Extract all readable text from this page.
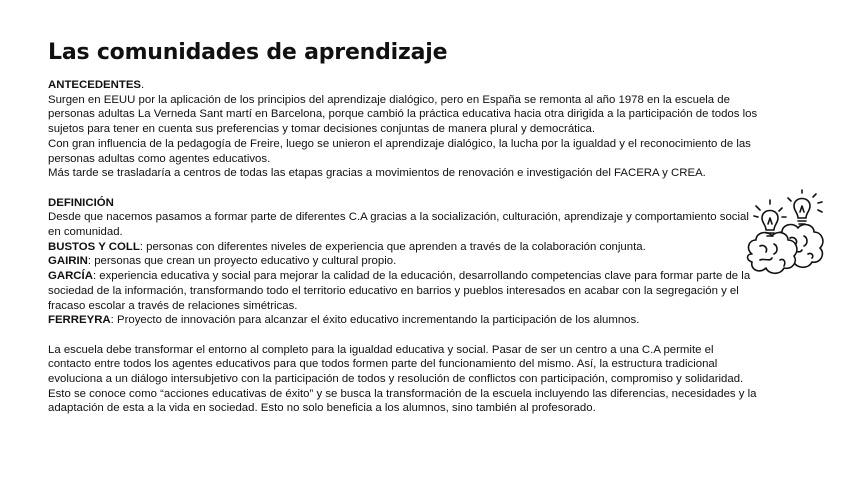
Las comunidades de aprendizaje

ANTECEDENTES.

Surgen en EEUU por la aplicación de los principios del aprendizaje dialógico, pero en España se remonta al año 1978 en la escuela de personas adultas La Verneda Sant martí en Barcelona, porque cambió la práctica educativa hacia otra dirigida a la participación de todos los sujetos para tener en cuenta sus preferencias y tomar decisiones conjuntas de manera plural y democrática.

Con gran influencia de la pedagogía de Freire, luego se unieron el aprendizaje dialógico, la lucha por la igualdad y el reconocimiento de las personas adultas como agentes educativos.

Más tarde se trasladaría a centros de todas las etapas gracias a movimientos de renovación e investigación del FACERA y CREA.

DEFINICIÓN

Desde que nacemos pasamos a formar parte de diferentes C.A gracias a la socialización, culturación, aprendizaje y comportamiento social en comunidad.

BUSTOS Y COLL: personas con diferentes niveles de experiencia que aprenden a través de la colaboración conjunta.

GAIRIN: personas que crean un proyecto educativo y cultural propio.

GARCÍA: experiencia educativa y social para mejorar la calidad de la educación, desarrollando competencias clave para formar parte de la sociedad de la información, transformando todo el territorio educativo en barrios y pueblos interesados en acabar con la segregación y el fracaso escolar a través de relaciones simétricas.

FERREYRA: Proyecto de innovación para alcanzar el éxito educativo incrementando la participación de los alumnos.

La escuela debe transformar el entorno al completo para la igualdad educativa y social. Pasar de ser un centro a una C.A permite el contacto entre todos los agentes educativos para que todos formen parte del funcionamiento del mismo. Así, la estructura tradicional evoluciona a un diálogo intersubjetivo con la participación de todos y resolución de conflictos con participación, compromiso y solidaridad. Esto se conoce como “acciones educativas de éxito” y se busca la transformación de la escuela incluyendo las diferencias, necesidades y la adaptación de esta a la vida en sociedad. Esto no solo beneficia a los alumnos, sino también al profesorado.
